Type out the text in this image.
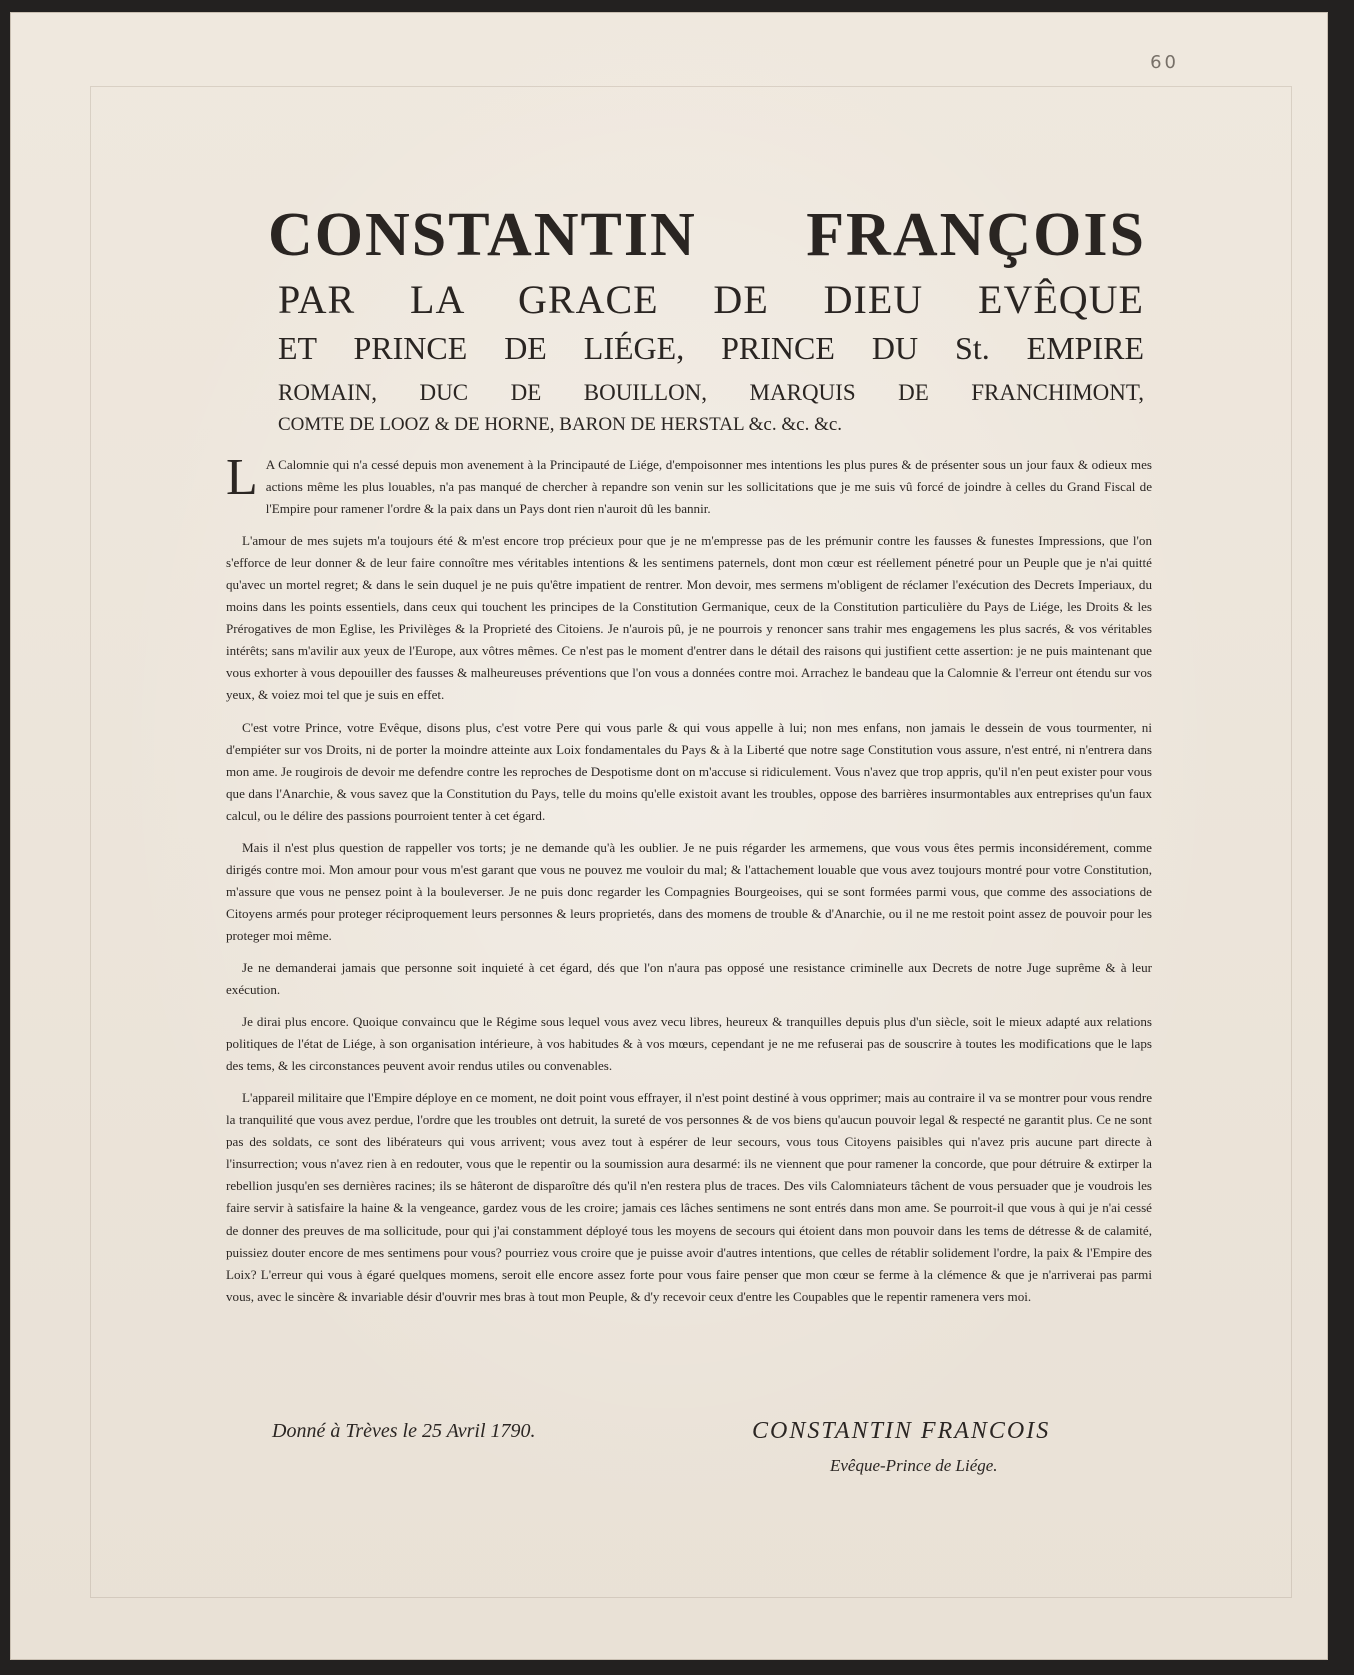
60
CONSTANTIN FRANÇOIS
PAR LA GRACE DE DIEU EVÊQUE
ET PRINCE DE LIÉGE, PRINCE DU St. EMPIRE
ROMAIN, DUC DE BOUILLON, MARQUIS DE FRANCHIMONT,
COMTE DE LOOZ & DE HORNE, BARON DE HERSTAL &c. &c. &c.

L A Calomnie qui n'a cessé depuis mon avenement à la Principauté de Liége, d'empoisonner mes intentions les plus pures & de présenter sous un jour faux & odieux mes actions même les plus louables, n'a pas manqué de chercher à repandre son venin sur les sollicitations que je me suis vû forcé de joindre à celles du Grand Fiscal de l'Empire pour ramener l'ordre & la paix dans un Pays dont rien n'auroit dû les bannir.

L'amour de mes sujets m'a toujours été & m'est encore trop précieux pour que je ne m'empresse pas de les prémunir contre les fausses & funestes Impressions, que l'on s'efforce de leur donner & de leur faire connoître mes véritables intentions & les sentimens paternels, dont mon cœur est réellement pénetré pour un Peuple que je n'ai quitté qu'avec un mortel regret; & dans le sein duquel je ne puis qu'être impatient de rentrer. Mon devoir, mes sermens m'obligent de réclamer l'exécution des Decrets Imperiaux, du moins dans les points essentiels, dans ceux qui touchent les principes de la Constitution Germanique, ceux de la Constitution particulière du Pays de Liége, les Droits & les Prérogatives de mon Eglise, les Privilèges & la Proprieté des Citoiens. Je n'aurois pû, je ne pourrois y renoncer sans trahir mes engagemens les plus sacrés, & vos véritables intérêts; sans m'avilir aux yeux de l'Europe, aux vôtres mêmes. Ce n'est pas le moment d'entrer dans le détail des raisons qui justifient cette assertion: je ne puis maintenant que vous exhorter à vous depouiller des fausses & malheureuses préventions que l'on vous a données contre moi. Arrachez le bandeau que la Calomnie & l'erreur ont étendu sur vos yeux, & voiez moi tel que je suis en effet.

C'est votre Prince, votre Evêque, disons plus, c'est votre Pere qui vous parle & qui vous appelle à lui; non mes enfans, non jamais le dessein de vous tourmenter, ni d'empiéter sur vos Droits, ni de porter la moindre atteinte aux Loix fondamentales du Pays & à la Liberté que notre sage Constitution vous assure, n'est entré, ni n'entrera dans mon ame. Je rougirois de devoir me defendre contre les reproches de Despotisme dont on m'accuse si ridiculement. Vous n'avez que trop appris, qu'il n'en peut exister pour vous que dans l'Anarchie, & vous savez que la Constitution du Pays, telle du moins qu'elle existoit avant les troubles, oppose des barrières insurmontables aux entreprises qu'un faux calcul, ou le délire des passions pourroient tenter à cet égard.

Mais il n'est plus question de rappeller vos torts; je ne demande qu'à les oublier. Je ne puis régarder les armemens, que vous vous êtes permis inconsidérement, comme dirigés contre moi. Mon amour pour vous m'est garant que vous ne pouvez me vouloir du mal; & l'attachement louable que vous avez toujours montré pour votre Constitution, m'assure que vous ne pensez point à la bouleverser. Je ne puis donc regarder les Compagnies Bourgeoises, qui se sont formées parmi vous, que comme des associations de Citoyens armés pour proteger réciproquement leurs personnes & leurs proprietés, dans des momens de trouble & d'Anarchie, ou il ne me restoit point assez de pouvoir pour les proteger moi même.

Je ne demanderai jamais que personne soit inquieté à cet égard, dés que l'on n'aura pas opposé une resistance criminelle aux Decrets de notre Juge suprême & à leur exécution.

Je dirai plus encore. Quoique convaincu que le Régime sous lequel vous avez vecu libres, heureux & tranquilles depuis plus d'un siècle, soit le mieux adapté aux relations politiques de l'état de Liége, à son organisation intérieure, à vos habitudes & à vos mœurs, cependant je ne me refuserai pas de souscrire à toutes les modifications que le laps des tems, & les circonstances peuvent avoir rendus utiles ou convenables.

L'appareil militaire que l'Empire déploye en ce moment, ne doit point vous effrayer, il n'est point destiné à vous opprimer; mais au contraire il va se montrer pour vous rendre la tranquilité que vous avez perdue, l'ordre que les troubles ont detruit, la sureté de vos personnes & de vos biens qu'aucun pouvoir legal & respecté ne garantit plus. Ce ne sont pas des soldats, ce sont des libérateurs qui vous arrivent; vous avez tout à espérer de leur secours, vous tous Citoyens paisibles qui n'avez pris aucune part directe à l'insurrection; vous n'avez rien à en redouter, vous que le repentir ou la soumission aura desarmé: ils ne viennent que pour ramener la concorde, que pour détruire & extirper la rebellion jusqu'en ses dernières racines; ils se hâteront de disparoître dés qu'il n'en restera plus de traces. Des vils Calomniateurs tâchent de vous persuader que je voudrois les faire servir à satisfaire la haine & la vengeance, gardez vous de les croire; jamais ces lâches sentimens ne sont entrés dans mon ame. Se pourroit-il que vous à qui je n'ai cessé de donner des preuves de ma sollicitude, pour qui j'ai constamment déployé tous les moyens de secours qui étoient dans mon pouvoir dans les tems de détresse & de calamité, puissiez douter encore de mes sentimens pour vous? pourriez vous croire que je puisse avoir d'autres intentions, que celles de rétablir solidement l'ordre, la paix & l'Empire des Loix? L'erreur qui vous à égaré quelques momens, seroit elle encore assez forte pour vous faire penser que mon cœur se ferme à la clémence & que je n'arriverai pas parmi vous, avec le sincère & invariable désir d'ouvrir mes bras à tout mon Peuple, & d'y recevoir ceux d'entre les Coupables que le repentir ramenera vers moi.

Donné à Trèves le 25 Avril 1790.	CONSTANTIN FRANCOIS
Evêque-Prince de Liége.
